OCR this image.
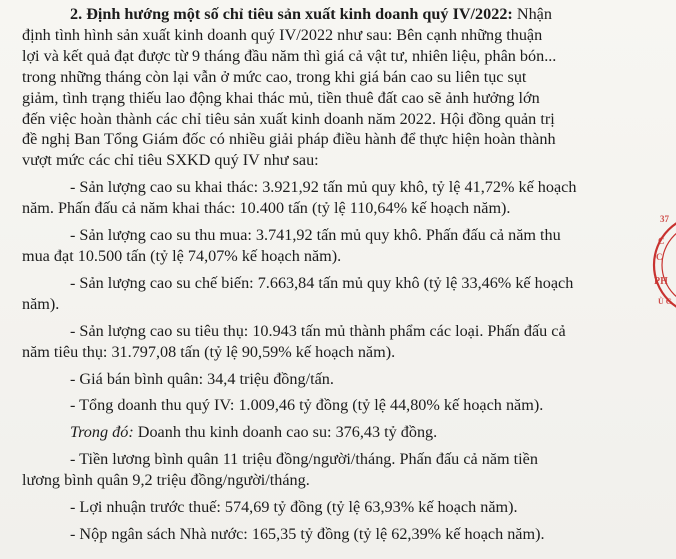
2. Định hướng một số chỉ tiêu sản xuất kinh doanh quý IV/2022: Nhận

định tình hình sản xuất kinh doanh quý IV/2022 như sau: Bên cạnh những thuận
lợi và kết quả đạt được từ 9 tháng đầu năm thì giá cả vật tư, nhiên liệu, phân bón...
trong những tháng còn lại vẫn ở mức cao, trong khi giá bán cao su liên tục sụt
giảm, tình trạng thiếu lao động khai thác mủ, tiền thuê đất cao sẽ ảnh hưởng lớn
đến việc hoàn thành các chỉ tiêu sản xuất kinh doanh năm 2022. Hội đồng quản trị
đề nghị Ban Tổng Giám đốc có nhiều giải pháp điều hành để thực hiện hoàn thành
vượt mức các chỉ tiêu SXKD quý IV như sau:
- Sản lượng cao su khai thác: 3.921,92 tấn mủ quy khô, tỷ lệ 41,72% kế hoạch
năm. Phấn đấu cả năm khai thác: 10.400 tấn (tỷ lệ 110,64% kế hoạch năm).
- Sản lượng cao su thu mua: 3.741,92 tấn mủ quy khô. Phấn đấu cả năm thu
mua đạt 10.500 tấn (tỷ lệ 74,07% kế hoạch năm).
- Sản lượng cao su chế biến: 7.663,84 tấn mủ quy khô (tỷ lệ 33,46% kế hoạch
năm).
- Sản lượng cao su tiêu thụ: 10.943 tấn mủ thành phẩm các loại. Phấn đấu cả
năm tiêu thụ: 31.797,08 tấn (tỷ lệ 90,59% kế hoạch năm).
- Giá bán bình quân: 34,4 triệu đồng/tấn.
- Tổng doanh thu quý IV: 1.009,46 tỷ đồng (tỷ lệ 44,80% kế hoạch năm).
Trong đó: Doanh thu kinh doanh cao su: 376,43 tỷ đồng.
- Tiền lương bình quân 11 triệu đồng/người/tháng. Phấn đấu cả năm tiền
lương bình quân 9,2 triệu đồng/người/tháng.
- Lợi nhuận trước thuế: 574,69 tỷ đồng (tỷ lệ 63,93% kế hoạch năm).
- Nộp ngân sách Nhà nước: 165,35 tỷ đồng (tỷ lệ 62,39% kế hoạch năm).
37
C
C
PH
Ù G
